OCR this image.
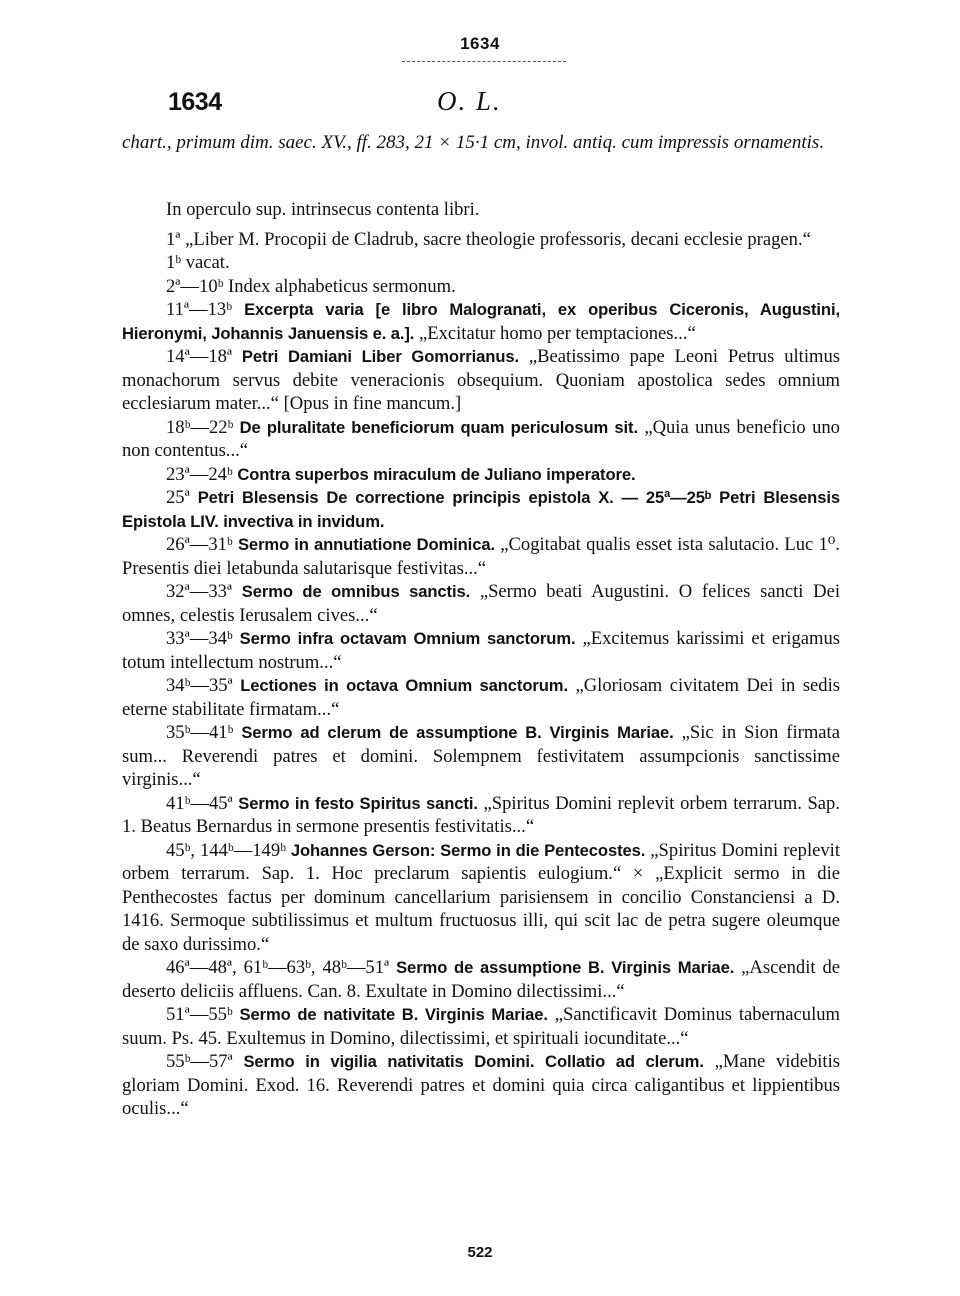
1634
1634	O. L.
chart., primum dim. saec. XV., ff. 283, 21 × 15·1 cm, invol. antiq. cum impressis ornamentis.

In operculo sup. intrinsecus contenta libri.

1ª „Liber M. Procopii de Cladrub, sacre theologie professoris, decani ecclesie pragen.“

1ᵇ vacat.

2ª—10ᵇ Index alphabeticus sermonum.

11ª—13ᵇ Excerpta varia [e libro Malogranati, ex operibus Ciceronis, Augustini, Hieronymi, Johannis Januensis e. a.]. „Excitatur homo per temptaciones...“

14ª—18ª Petri Damiani Liber Gomorrianus. „Beatissimo pape Leoni Petrus ultimus monachorum servus debite veneracionis obsequium. Quoniam apostolica sedes omnium ecclesiarum mater...“ [Opus in fine mancum.]

18ᵇ—22ᵇ De pluralitate beneficiorum quam periculosum sit. „Quia unus beneficio uno non contentus...“

23ª—24ᵇ Contra superbos miraculum de Juliano imperatore.

25ª Petri Blesensis De correctione principis epistola X. — 25ª—25ᵇ Petri Blesensis Epistola LIV. invectiva in invidum.

26ª—31ᵇ Sermo in annutiatione Dominica. „Cogitabat qualis esset ista salutacio. Luc 1⁰. Presentis diei letabunda salutarisque festivitas...“

32ª—33ª Sermo de omnibus sanctis. „Sermo beati Augustini. O felices sancti Dei omnes, celestis Ierusalem cives...“

33ª—34ᵇ Sermo infra octavam Omnium sanctorum. „Excitemus karissimi et erigamus totum intellectum nostrum...“

34ᵇ—35ª Lectiones in octava Omnium sanctorum. „Gloriosam civitatem Dei in sedis eterne stabilitate firmatam...“

35ᵇ—41ᵇ Sermo ad clerum de assumptione B. Virginis Mariae. „Sic in Sion firmata sum... Reverendi patres et domini. Solempnem festivitatem assumpcionis sanctissime virginis...“

41ᵇ—45ª Sermo in festo Spiritus sancti. „Spiritus Domini replevit orbem terrarum. Sap. 1. Beatus Bernardus in sermone presentis festivitatis...“

45ᵇ, 144ᵇ—149ᵇ Johannes Gerson: Sermo in die Pentecostes. „Spiritus Domini replevit orbem terrarum. Sap. 1. Hoc preclarum sapientis eulogium.“ × „Explicit sermo in die Penthecostes factus per dominum cancellarium parisiensem in concilio Constanciensi a D. 1416. Sermoque subtilissimus et multum fructuosus illi, qui scit lac de petra sugere oleumque de saxo durissimo.“

46ª—48ª, 61ᵇ—63ᵇ, 48ᵇ—51ª Sermo de assumptione B. Virginis Mariae. „Ascendit de deserto deliciis affluens. Can. 8. Exultate in Domino dilectissimi...“

51ª—55ᵇ Sermo de nativitate B. Virginis Mariae. „Sanctificavit Dominus tabernaculum suum. Ps. 45. Exultemus in Domino, dilectissimi, et spirituali iocunditate...“

55ᵇ—57ª Sermo in vigilia nativitatis Domini. Collatio ad clerum. „Mane videbitis gloriam Domini. Exod. 16. Reverendi patres et domini quia circa caligantibus et lippientibus oculis...“

522
